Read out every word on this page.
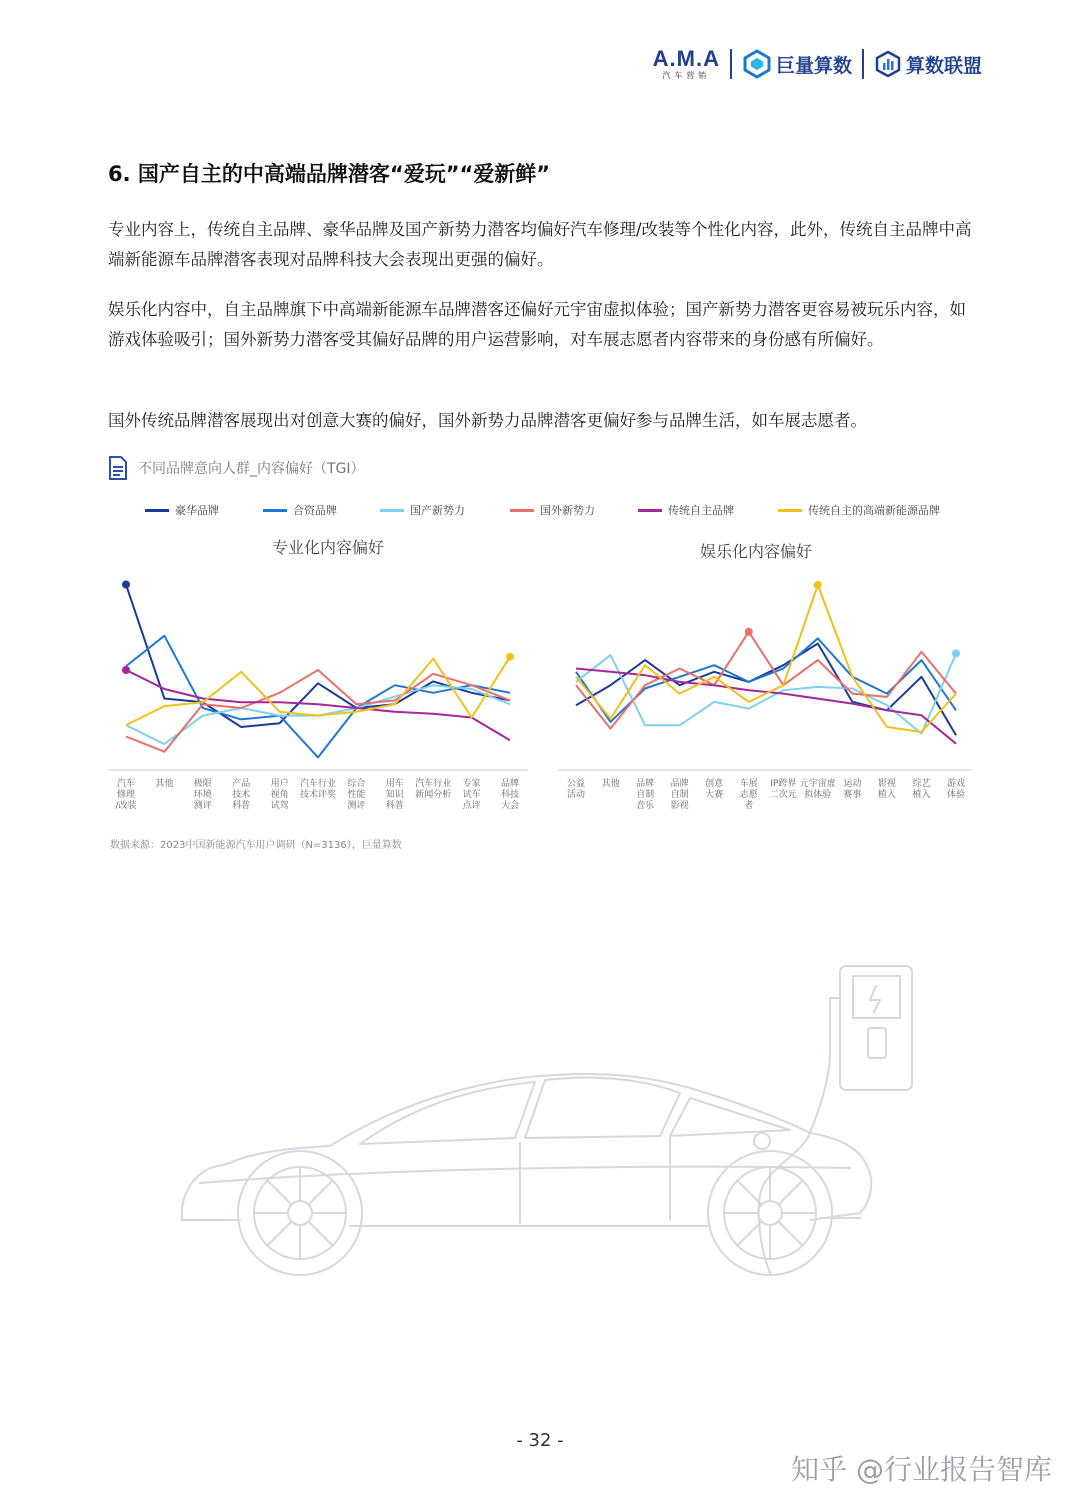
A.M.A
汽车营销	巨量算数	算数联盟
6. 国产自主的中高端品牌潜客“爱玩”“爱新鲜”

专业内容上，传统自主品牌、豪华品牌及国产新势力潜客均偏好汽车修理/改装等个性化内容，此外，传统自主品牌中高端新能源车品牌潜客表现对品牌科技大会表现出更强的偏好。

娱乐化内容中，自主品牌旗下中高端新能源车品牌潜客还偏好元宇宙虚拟体验；国产新势力潜客更容易被玩乐内容，如游戏体验吸引；国外新势力潜客受其偏好品牌的用户运营影响，对车展志愿者内容带来的身份感有所偏好。

国外传统品牌潜客展现出对创意大赛的偏好，国外新势力品牌潜客更偏好参与品牌生活，如车展志愿者。

不同品牌意向人群_内容偏好（TGI）
豪华品牌	合资品牌	国产新势力	国外新势力	传统自主品牌	传统自主的高端新能源品牌
专业化内容偏好	娱乐化内容偏好
汽车修理/改装
其他 极限环境测评
产品技术科普
用户视角试驾
汽车行业技术评奖
综合性能测评
用车知识科普
汽车行业新闻分析
专家试车点评
品牌科技大会
公益活动
其他 品牌自制音乐
品牌自制影视
创意大赛
车展志愿者
IP跨界二次元
元宇宙虚拟体验
运动赛事
影视植入
综艺植入
游戏体验
数据来源：2023中国新能源汽车用户调研（N=3136），巨量算数
- 32 -
知乎 @行业报告智库
